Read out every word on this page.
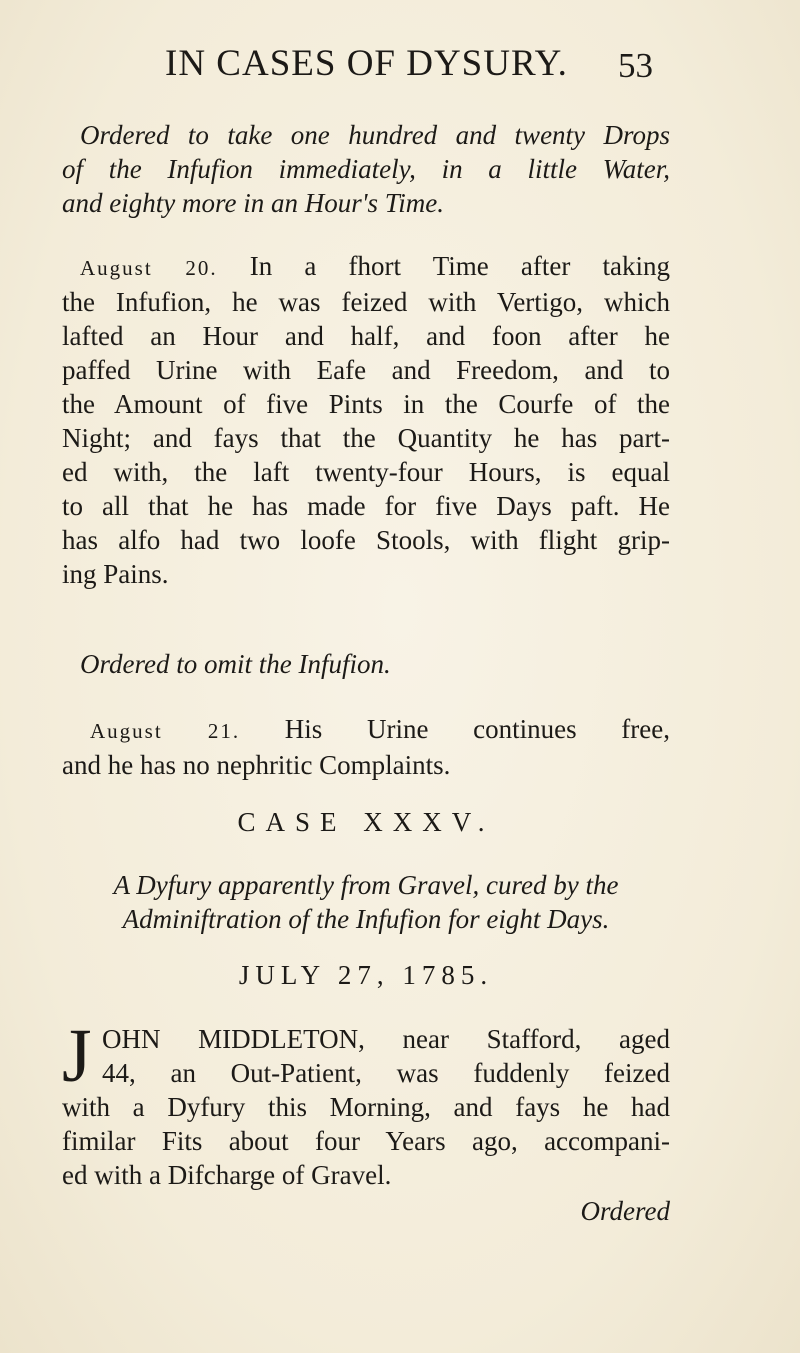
IN CASES OF DYSURY.	53
Ordered to take one hundred and twenty Drops
of the Infufion immediately, in a little Water,
and eighty more in an Hour's Time.
August 20. In a fhort Time after taking
the Infufion, he was feized with Vertigo, which
lafted an Hour and half, and foon after he
paffed Urine with Eafe and Freedom, and to
the Amount of five Pints in the Courfe of the
Night; and fays that the Quantity he has part-
ed with, the laft twenty-four Hours, is equal
to all that he has made for five Days paft. He
has alfo had two loofe Stools, with flight grip-
ing Pains.
Ordered to omit the Infufion.
August 21. His Urine continues free,
and he has no nephritic Complaints.
CASE XXXV.
A Dyfury apparently from Gravel, cured by the
Adminiftration of the Infufion for eight Days.
JULY 27, 1785.
J OHN MIDDLETON, near Stafford, aged
44, an Out-Patient, was fuddenly feized
with a Dyfury this Morning, and fays he had
fimilar Fits about four Years ago, accompani-
ed with a Difcharge of Gravel.
Ordered
